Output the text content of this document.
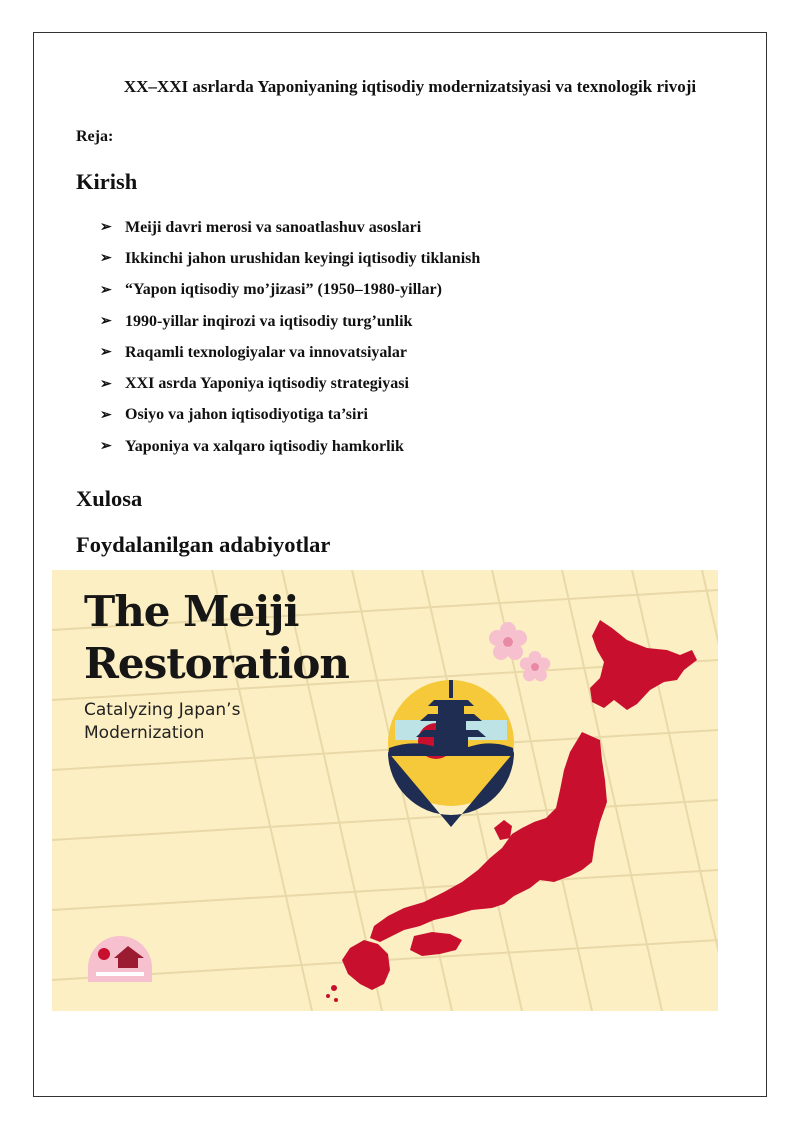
XX–XXI asrlarda Yaponiyaning iqtisodiy modernizatsiyasi va texnologik rivoji
Reja:
Kirish
➢ Meiji davri merosi va sanoatlashuv asoslari
➢ Ikkinchi jahon urushidan keyingi iqtisodiy tiklanish
➢ “Yapon iqtisodiy mo’jizasi” (1950–1980-yillar)
➢ 1990-yillar inqirozi va iqtisodiy turg’unlik
➢ Raqamli texnologiyalar va innovatsiyalar
➢ XXI asrda Yaponiya iqtisodiy strategiyasi
➢ Osiyo va jahon iqtisodiyotiga ta’siri
➢ Yaponiya va xalqaro iqtisodiy hamkorlik
Xulosa
Foydalanilgan adabiyotlar
The Meiji
Restoration
Catalyzing Japan’s
Modernization
